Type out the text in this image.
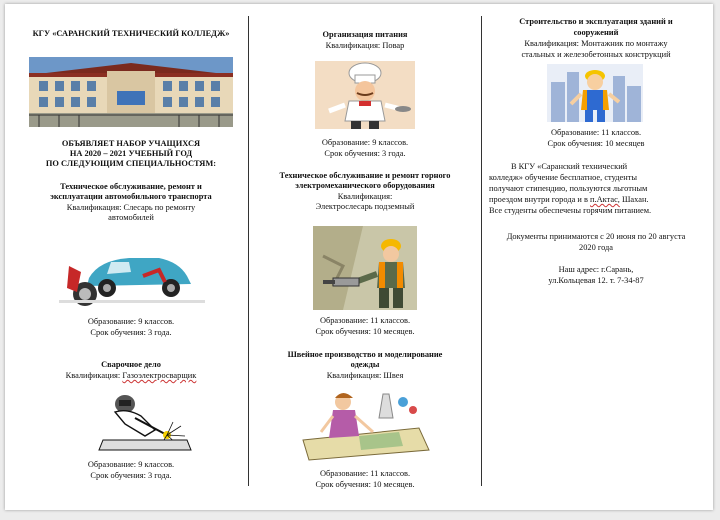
КГУ «САРАНСКИЙ ТЕХНИЧЕСКИЙ КОЛЛЕДЖ»
ОБЪЯВЛЯЕТ НАБОР УЧАЩИХСЯ
НА 2020 – 2021 УЧЕБНЫЙ ГОД
ПО СЛЕДУЮЩИМ СПЕЦИАЛЬНОСТЯМ:
Техническое обслуживание, ремонт и
эксплуатации автомобильного транспорта
Квалификация: Слесарь по ремонту
автомобилей
Образование: 9 классов.
Срок обучения: 3 года.
Сварочное дело
Квалификация: Газоэлектросварщик
Образование: 9 классов.
Срок обучения: 3 года.
Организация питания
Квалификация: Повар
Образование: 9 классов.
Срок обучения: 3 года.
Техническое обслуживание и ремонт горного
электромеханического оборудования
Квалификация:
Электрослесарь подземный
Образование: 11 классов.
Срок обучения: 10 месяцев.
Швейное производство и моделирование
одежды
Квалификация: Швея
Образование: 11 классов.
Срок обучения: 10 месяцев.
Строительство и эксплуатация зданий и
сооружений
Квалификация: Монтажник по монтажу
стальных и железобетонных конструкций
Образование: 11 классов.
Срок обучения: 10 месяцев
В КГУ «Саранский технический
колледж» обучение бесплатное, студенты
получают стипендию, пользуются льготным
проездом внутри города и в п.Актас, Шахан.
Все студенты обеспечены горячим питанием.
Документы принимаются с 20 июня по 20 августа
2020 года
Наш адрес: г.Сарань,
ул.Кольцевая 12. т. 7-34-87
